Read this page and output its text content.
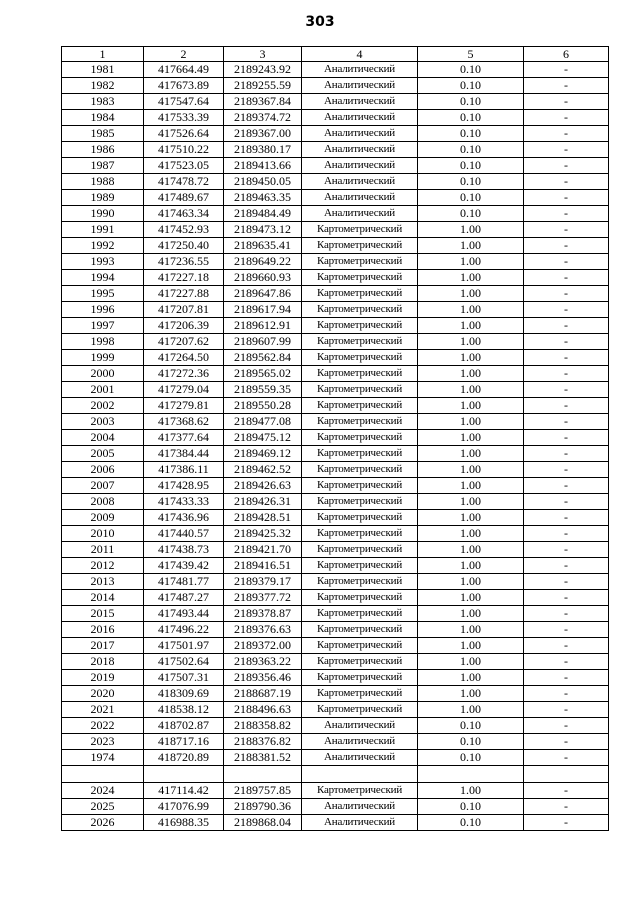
303
1	2	3	4	5	6
1981	417664.49	2189243.92	Аналитический	0.10	-
1982	417673.89	2189255.59	Аналитический	0.10	-
1983	417547.64	2189367.84	Аналитический	0.10	-
1984	417533.39	2189374.72	Аналитический	0.10	-
1985	417526.64	2189367.00	Аналитический	0.10	-
1986	417510.22	2189380.17	Аналитический	0.10	-
1987	417523.05	2189413.66	Аналитический	0.10	-
1988	417478.72	2189450.05	Аналитический	0.10	-
1989	417489.67	2189463.35	Аналитический	0.10	-
1990	417463.34	2189484.49	Аналитический	0.10	-
1991	417452.93	2189473.12	Картометрический	1.00	-
1992	417250.40	2189635.41	Картометрический	1.00	-
1993	417236.55	2189649.22	Картометрический	1.00	-
1994	417227.18	2189660.93	Картометрический	1.00	-
1995	417227.88	2189647.86	Картометрический	1.00	-
1996	417207.81	2189617.94	Картометрический	1.00	-
1997	417206.39	2189612.91	Картометрический	1.00	-
1998	417207.62	2189607.99	Картометрический	1.00	-
1999	417264.50	2189562.84	Картометрический	1.00	-
2000	417272.36	2189565.02	Картометрический	1.00	-
2001	417279.04	2189559.35	Картометрический	1.00	-
2002	417279.81	2189550.28	Картометрический	1.00	-
2003	417368.62	2189477.08	Картометрический	1.00	-
2004	417377.64	2189475.12	Картометрический	1.00	-
2005	417384.44	2189469.12	Картометрический	1.00	-
2006	417386.11	2189462.52	Картометрический	1.00	-
2007	417428.95	2189426.63	Картометрический	1.00	-
2008	417433.33	2189426.31	Картометрический	1.00	-
2009	417436.96	2189428.51	Картометрический	1.00	-
2010	417440.57	2189425.32	Картометрический	1.00	-
2011	417438.73	2189421.70	Картометрический	1.00	-
2012	417439.42	2189416.51	Картометрический	1.00	-
2013	417481.77	2189379.17	Картометрический	1.00	-
2014	417487.27	2189377.72	Картометрический	1.00	-
2015	417493.44	2189378.87	Картометрический	1.00	-
2016	417496.22	2189376.63	Картометрический	1.00	-
2017	417501.97	2189372.00	Картометрический	1.00	-
2018	417502.64	2189363.22	Картометрический	1.00	-
2019	417507.31	2189356.46	Картометрический	1.00	-
2020	418309.69	2188687.19	Картометрический	1.00	-
2021	418538.12	2188496.63	Картометрический	1.00	-
2022	418702.87	2188358.82	Аналитический	0.10	-
2023	418717.16	2188376.82	Аналитический	0.10	-
1974	418720.89	2188381.52	Аналитический	0.10	-

2024	417114.42	2189757.85	Картометрический	1.00	-
2025	417076.99	2189790.36	Аналитический	0.10	-
2026	416988.35	2189868.04	Аналитический	0.10	-
